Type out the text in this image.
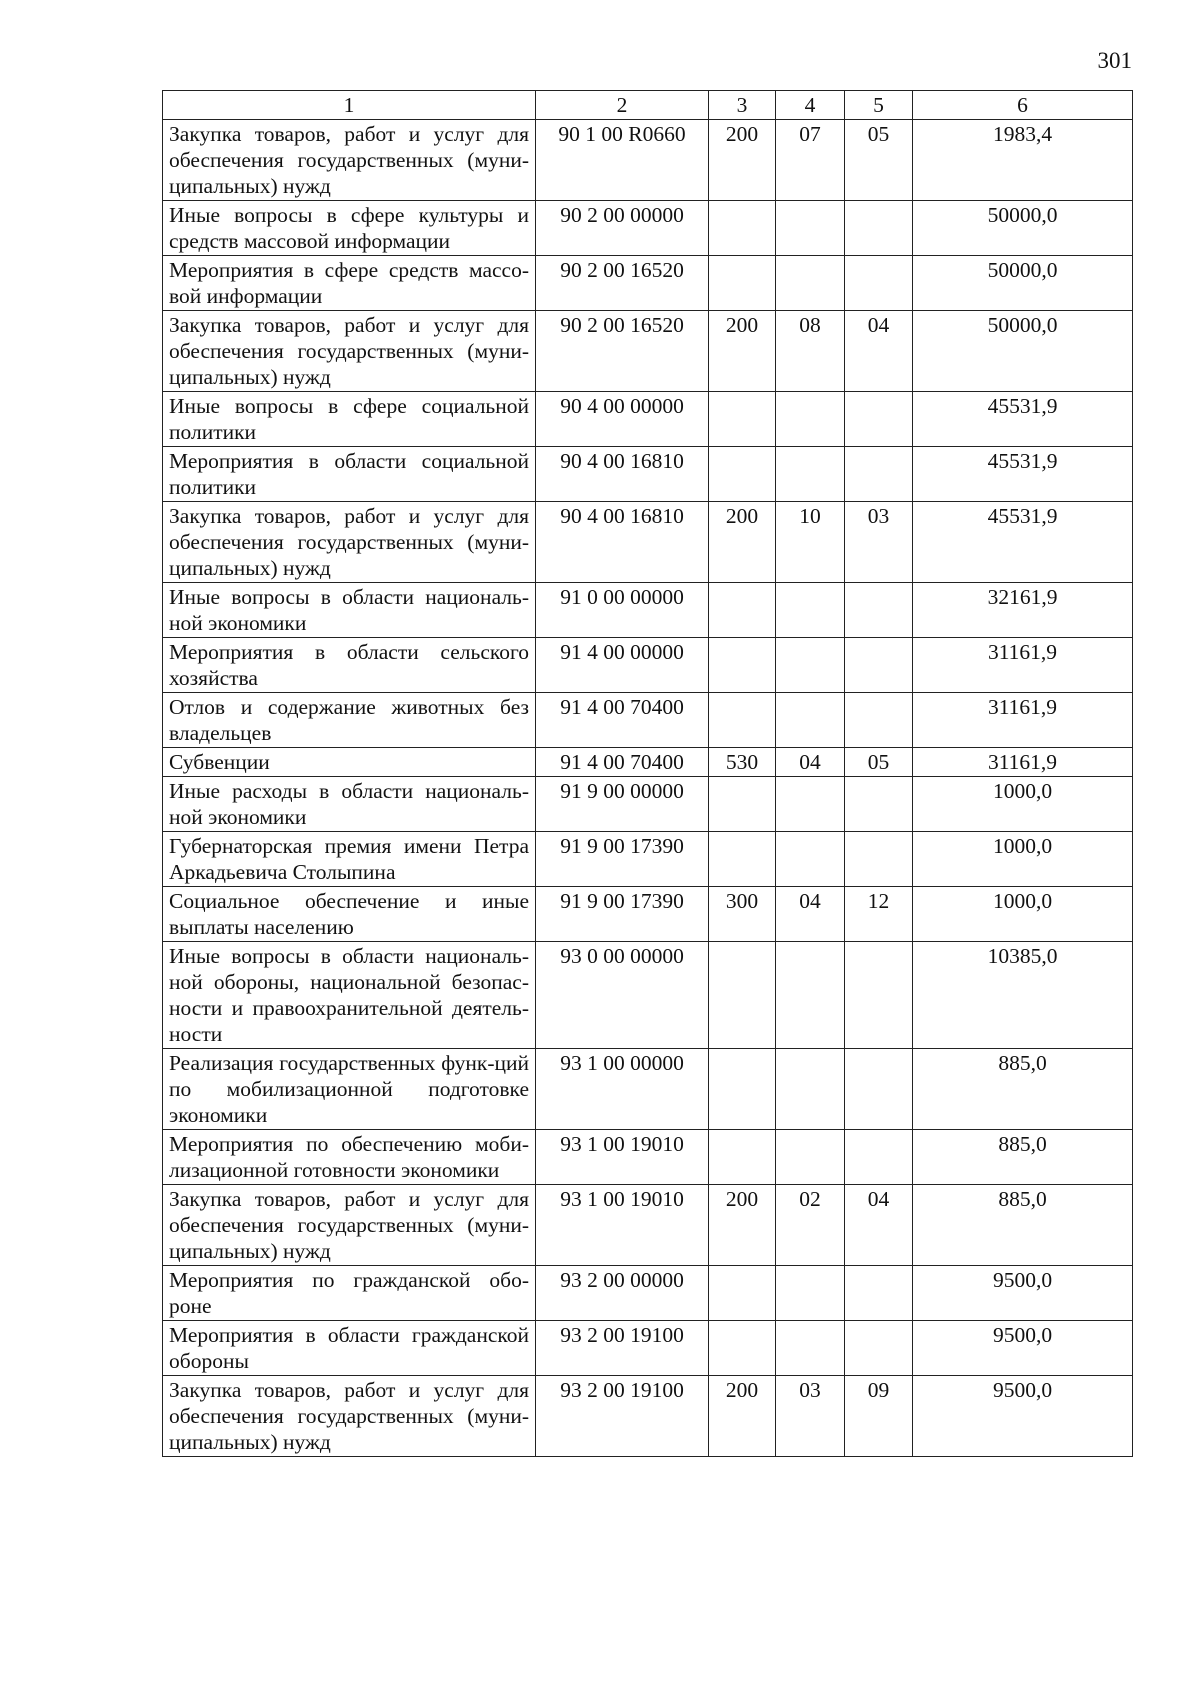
301
1	2	3	4	5	6
Закупка товаров, работ и услуг для обеспечения государственных (муни-ципальных) нужд	90 1 00 R0660	200	07	05	1983,4
Иные вопросы в сфере культуры и средств массовой информации	90 2 00 00000				50000,0
Мероприятия в сфере средств массо-вой информации	90 2 00 16520				50000,0
Закупка товаров, работ и услуг для обеспечения государственных (муни-ципальных) нужд	90 2 00 16520	200	08	04	50000,0
Иные вопросы в сфере социальной политики	90 4 00 00000				45531,9
Мероприятия в области социальной политики	90 4 00 16810				45531,9
Закупка товаров, работ и услуг для обеспечения государственных (муни-ципальных) нужд	90 4 00 16810	200	10	03	45531,9
Иные вопросы в области националь-ной экономики	91 0 00 00000				32161,9
Мероприятия в области сельского хозяйства	91 4 00 00000				31161,9
Отлов и содержание животных без владельцев	91 4 00 70400				31161,9
Субвенции	91 4 00 70400	530	04	05	31161,9
Иные расходы в области националь-ной экономики	91 9 00 00000				1000,0
Губернаторская премия имени Петра Аркадьевича Столыпина	91 9 00 17390				1000,0
Социальное обеспечение и иные выплаты населению	91 9 00 17390	300	04	12	1000,0
Иные вопросы в области националь-ной обороны, национальной безопас-ности и правоохранительной деятель-ности	93 0 00 00000				10385,0
Реализация государственных функ-ций по мобилизационной подготовке экономики	93 1 00 00000				885,0
Мероприятия по обеспечению моби-лизационной готовности экономики	93 1 00 19010				885,0
Закупка товаров, работ и услуг для обеспечения государственных (муни-ципальных) нужд	93 1 00 19010	200	02	04	885,0
Мероприятия по гражданской обо-роне	93 2 00 00000				9500,0
Мероприятия в области гражданской обороны	93 2 00 19100				9500,0
Закупка товаров, работ и услуг для обеспечения государственных (муни-ципальных) нужд	93 2 00 19100	200	03	09	9500,0
